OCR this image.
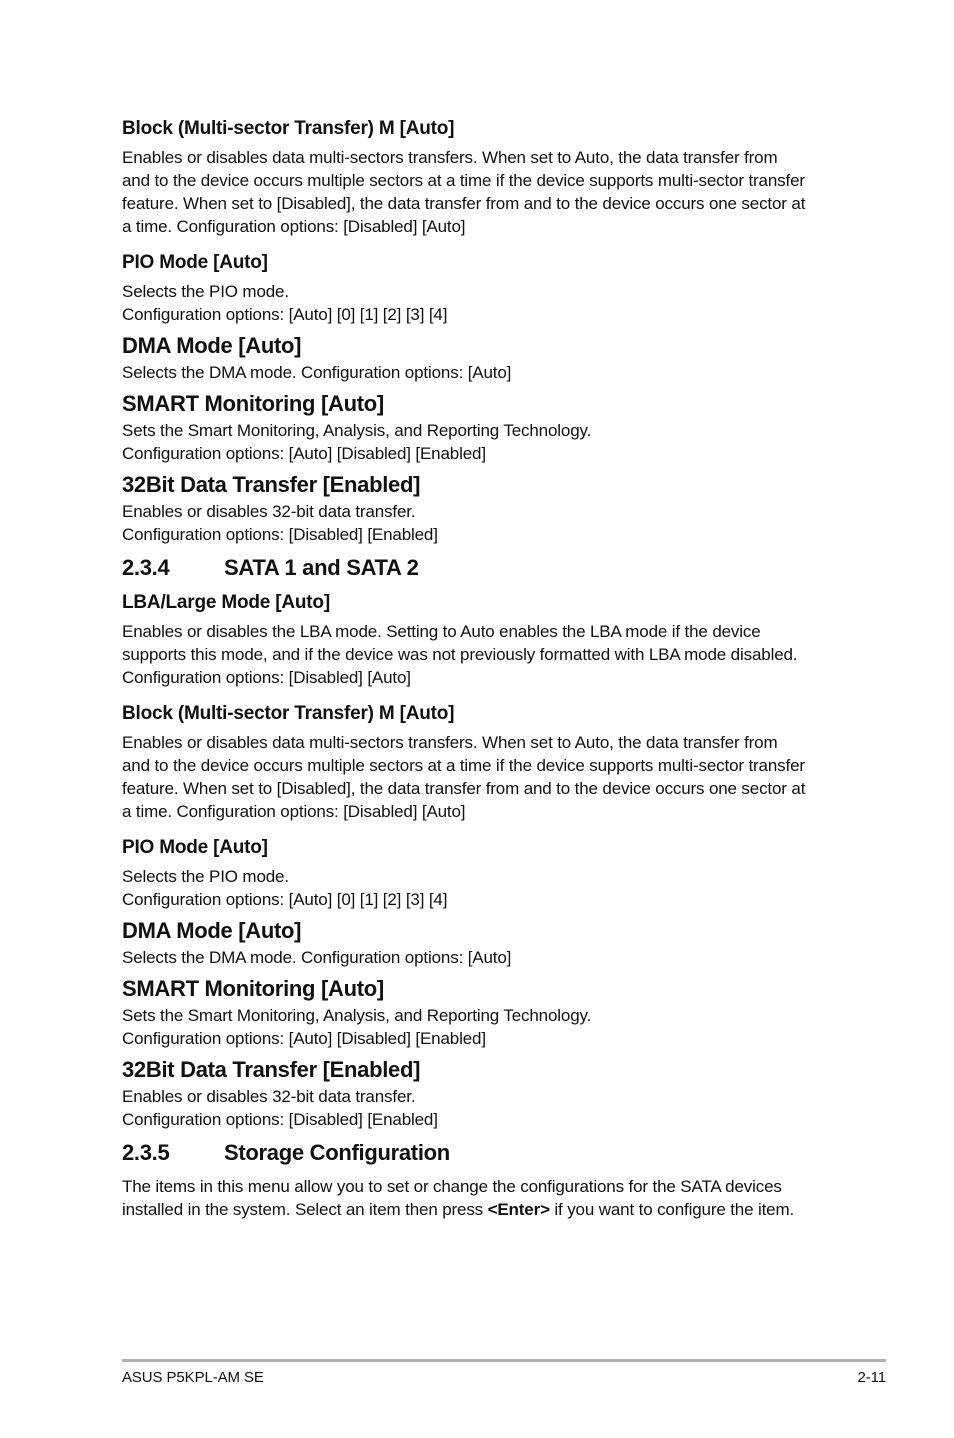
Block (Multi-sector Transfer) M [Auto]

Enables or disables data multi-sectors transfers. When set to Auto, the data transfer from
and to the device occurs multiple sectors at a time if the device supports multi-sector transfer
feature. When set to [Disabled], the data transfer from and to the device occurs one sector at
a time. Configuration options: [Disabled] [Auto]

PIO Mode [Auto]

Selects the PIO mode.
Configuration options: [Auto] [0] [1] [2] [3] [4]

DMA Mode [Auto]

Selects the DMA mode. Configuration options: [Auto]

SMART Monitoring [Auto]

Sets the Smart Monitoring, Analysis, and Reporting Technology.
Configuration options: [Auto] [Disabled] [Enabled]

32Bit Data Transfer [Enabled]

Enables or disables 32-bit data transfer.
Configuration options: [Disabled] [Enabled]

2.3.4	SATA 1 and SATA 2
LBA/Large Mode [Auto]

Enables or disables the LBA mode. Setting to Auto enables the LBA mode if the device
supports this mode, and if the device was not previously formatted with LBA mode disabled.
Configuration options: [Disabled] [Auto]

Block (Multi-sector Transfer) M [Auto]

Enables or disables data multi-sectors transfers. When set to Auto, the data transfer from
and to the device occurs multiple sectors at a time if the device supports multi-sector transfer
feature. When set to [Disabled], the data transfer from and to the device occurs one sector at
a time. Configuration options: [Disabled] [Auto]

PIO Mode [Auto]

Selects the PIO mode.
Configuration options: [Auto] [0] [1] [2] [3] [4]

DMA Mode [Auto]

Selects the DMA mode. Configuration options: [Auto]

SMART Monitoring [Auto]

Sets the Smart Monitoring, Analysis, and Reporting Technology.
Configuration options: [Auto] [Disabled] [Enabled]

32Bit Data Transfer [Enabled]

Enables or disables 32-bit data transfer.
Configuration options: [Disabled] [Enabled]

2.3.5	Storage Configuration

The items in this menu allow you to set or change the configurations for the SATA devices
installed in the system. Select an item then press <Enter> if you want to configure the item.

ASUS P5KPL-AM SE	2-11
